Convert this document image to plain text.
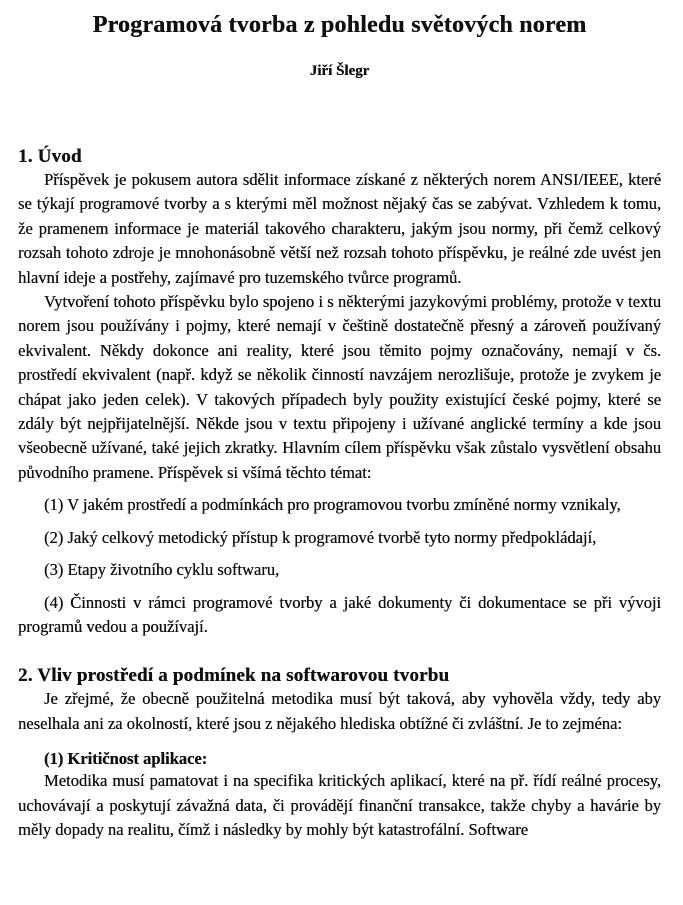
Programová tvorba z pohledu světových norem
Jiří Šlegr
1. Úvod

Příspěvek je pokusem autora sdělit informace získané z některých norem ANSI/IEEE, které se týkají programové tvorby a s kterými měl možnost nějaký čas se zabývat. Vzhledem k tomu, že pramenem informace je materiál takového charakteru, jakým jsou normy, při čemž celkový rozsah tohoto zdroje je mnohonásobně větší než rozsah tohoto příspěvku, je reálné zde uvést jen hlavní ideje a postřehy, zajímavé pro tuzemského tvůrce programů.

Vytvoření tohoto příspěvku bylo spojeno i s některými jazykovými problémy, protože v textu norem jsou používány i pojmy, které nemají v češtině dostatečně přesný a zároveň používaný ekvivalent. Někdy dokonce ani reality, které jsou těmito pojmy označovány, nemají v čs. prostředí ekvivalent (např. když se několik činností navzájem nerozlišuje, protože je zvykem je chápat jako jeden celek). V takových případech byly použity existující české pojmy, které se zdály být nejpřijatelnější. Někde jsou v textu připojeny i užívané anglické termíny a kde jsou všeobecně užívané, také jejich zkratky. Hlavním cílem příspěvku však zůstalo vysvětlení obsahu původního pramene. Příspěvek si všímá těchto témat:

(1) V jakém prostředí a podmínkách pro programovou tvorbu zmíněné normy vznikaly,

(2) Jaký celkový metodický přístup k programové tvorbě tyto normy předpokládají,

(3) Etapy životního cyklu softwaru,

(4) Činnosti v rámci programové tvorby a jaké dokumenty či dokumentace se při vývoji programů vedou a používají.

2. Vliv prostředí a podmínek na softwarovou tvorbu

Je zřejmé, že obecně použitelná metodika musí být taková, aby vyhověla vždy, tedy aby neselhala ani za okolností, které jsou z nějakého hlediska obtížné či zvláštní. Je to zejména:

(1) Kritičnost aplikace:

Metodika musí pamatovat i na specifika kritických aplikací, které na př. řídí reálné procesy, uchovávají a poskytují závažná data, či provádějí finanční transakce, takže chyby a havárie by měly dopady na realitu, čímž i následky by mohly být katastrofální. Software
